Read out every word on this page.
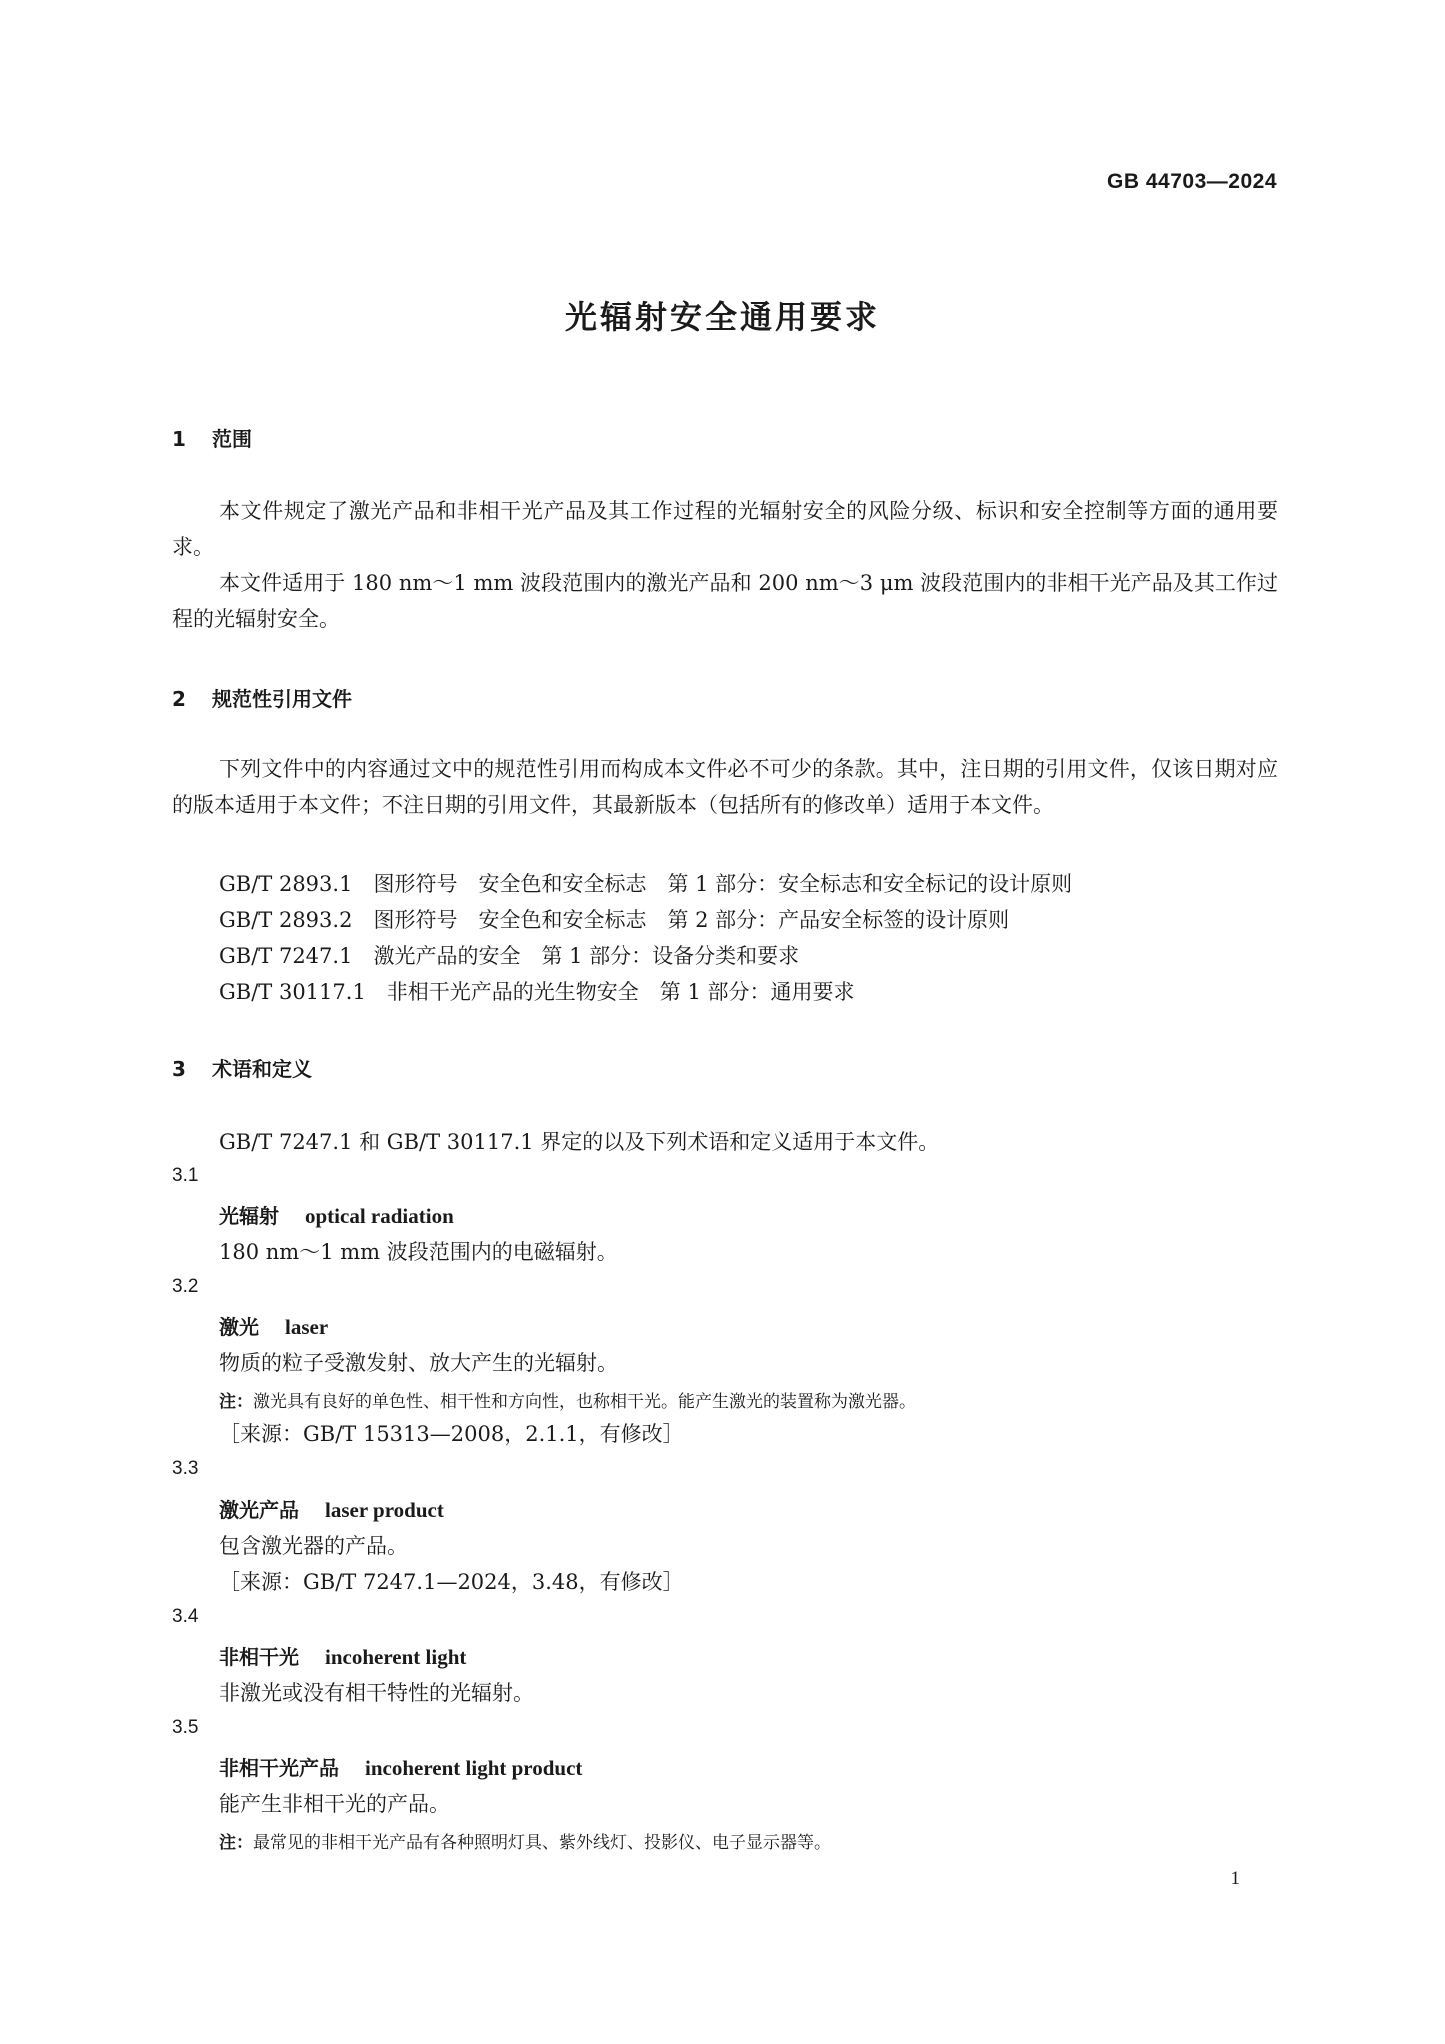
GB 44703—2024
光辐射安全通用要求
1 范围
本文件规定了激光产品和非相干光产品及其工作过程的光辐射安全的风险分级、标识和安全控制等方面的通用要求。
本文件适用于 180 nm～1 mm 波段范围内的激光产品和 200 nm～3 μm 波段范围内的非相干光产品及其工作过程的光辐射安全。
2 规范性引用文件
下列文件中的内容通过文中的规范性引用而构成本文件必不可少的条款。其中，注日期的引用文件，仅该日期对应的版本适用于本文件；不注日期的引用文件，其最新版本（包括所有的修改单）适用于本文件。
GB/T 2893.1　图形符号　安全色和安全标志　第 1 部分：安全标志和安全标记的设计原则
GB/T 2893.2　图形符号　安全色和安全标志　第 2 部分：产品安全标签的设计原则
GB/T 7247.1　激光产品的安全　第 1 部分：设备分类和要求
GB/T 30117.1　非相干光产品的光生物安全　第 1 部分：通用要求
3 术语和定义
GB/T 7247.1 和 GB/T 30117.1 界定的以及下列术语和定义适用于本文件。
3.1
光辐射 optical radiation
180 nm～1 mm 波段范围内的电磁辐射。
3.2
激光 laser
物质的粒子受激发射、放大产生的光辐射。
注：激光具有良好的单色性、相干性和方向性，也称相干光。能产生激光的装置称为激光器。
［来源：GB/T 15313—2008，2.1.1，有修改］
3.3
激光产品 laser product
包含激光器的产品。
［来源：GB/T 7247.1—2024，3.48，有修改］
3.4
非相干光 incoherent light
非激光或没有相干特性的光辐射。
3.5
非相干光产品 incoherent light product
能产生非相干光的产品。
注：最常见的非相干光产品有各种照明灯具、紫外线灯、投影仪、电子显示器等。
1
